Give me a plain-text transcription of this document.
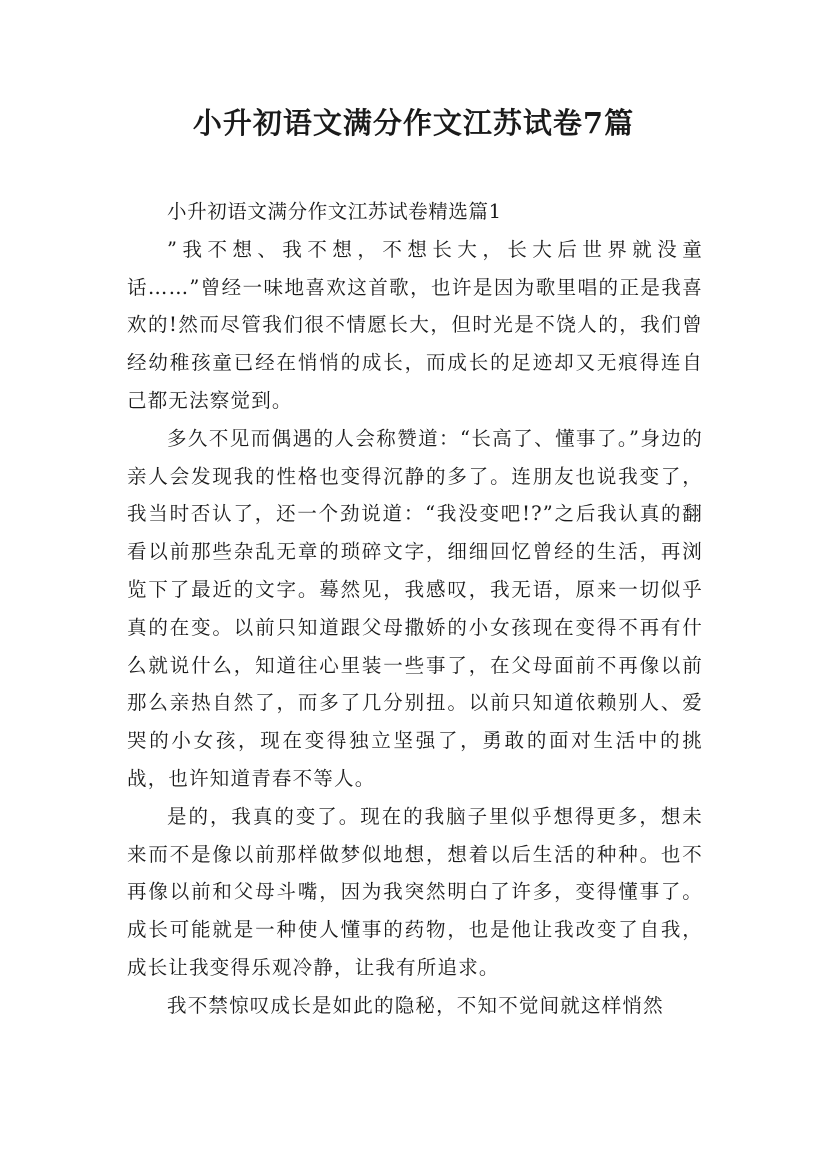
小升初语文满分作文江苏试卷7篇

小升初语文满分作文江苏试卷精选篇1

”我不想、我不想，不想长大，长大后世界就没童话……”曾经一味地喜欢这首歌，也许是因为歌里唱的正是我喜欢的!然而尽管我们很不情愿长大，但时光是不饶人的，我们曾经幼稚孩童已经在悄悄的成长，而成长的足迹却又无痕得连自己都无法察觉到。

多久不见而偶遇的人会称赞道：“长高了、懂事了。”身边的亲人会发现我的性格也变得沉静的多了。连朋友也说我变了，我当时否认了，还一个劲说道：“我没变吧!?”之后我认真的翻看以前那些杂乱无章的琐碎文字，细细回忆曾经的生活，再浏览下了最近的文字。蓦然见，我感叹，我无语，原来一切似乎真的在变。以前只知道跟父母撒娇的小女孩现在变得不再有什么就说什么，知道往心里装一些事了，在父母面前不再像以前那么亲热自然了，而多了几分别扭。以前只知道依赖别人、爱哭的小女孩，现在变得独立坚强了，勇敢的面对生活中的挑战，也许知道青春不等人。

是的，我真的变了。现在的我脑子里似乎想得更多，想未来而不是像以前那样做梦似地想，想着以后生活的种种。也不再像以前和父母斗嘴，因为我突然明白了许多，变得懂事了。成长可能就是一种使人懂事的药物，也是他让我改变了自我，成长让我变得乐观冷静，让我有所追求。

我不禁惊叹成长是如此的隐秘，不知不觉间就这样悄然
